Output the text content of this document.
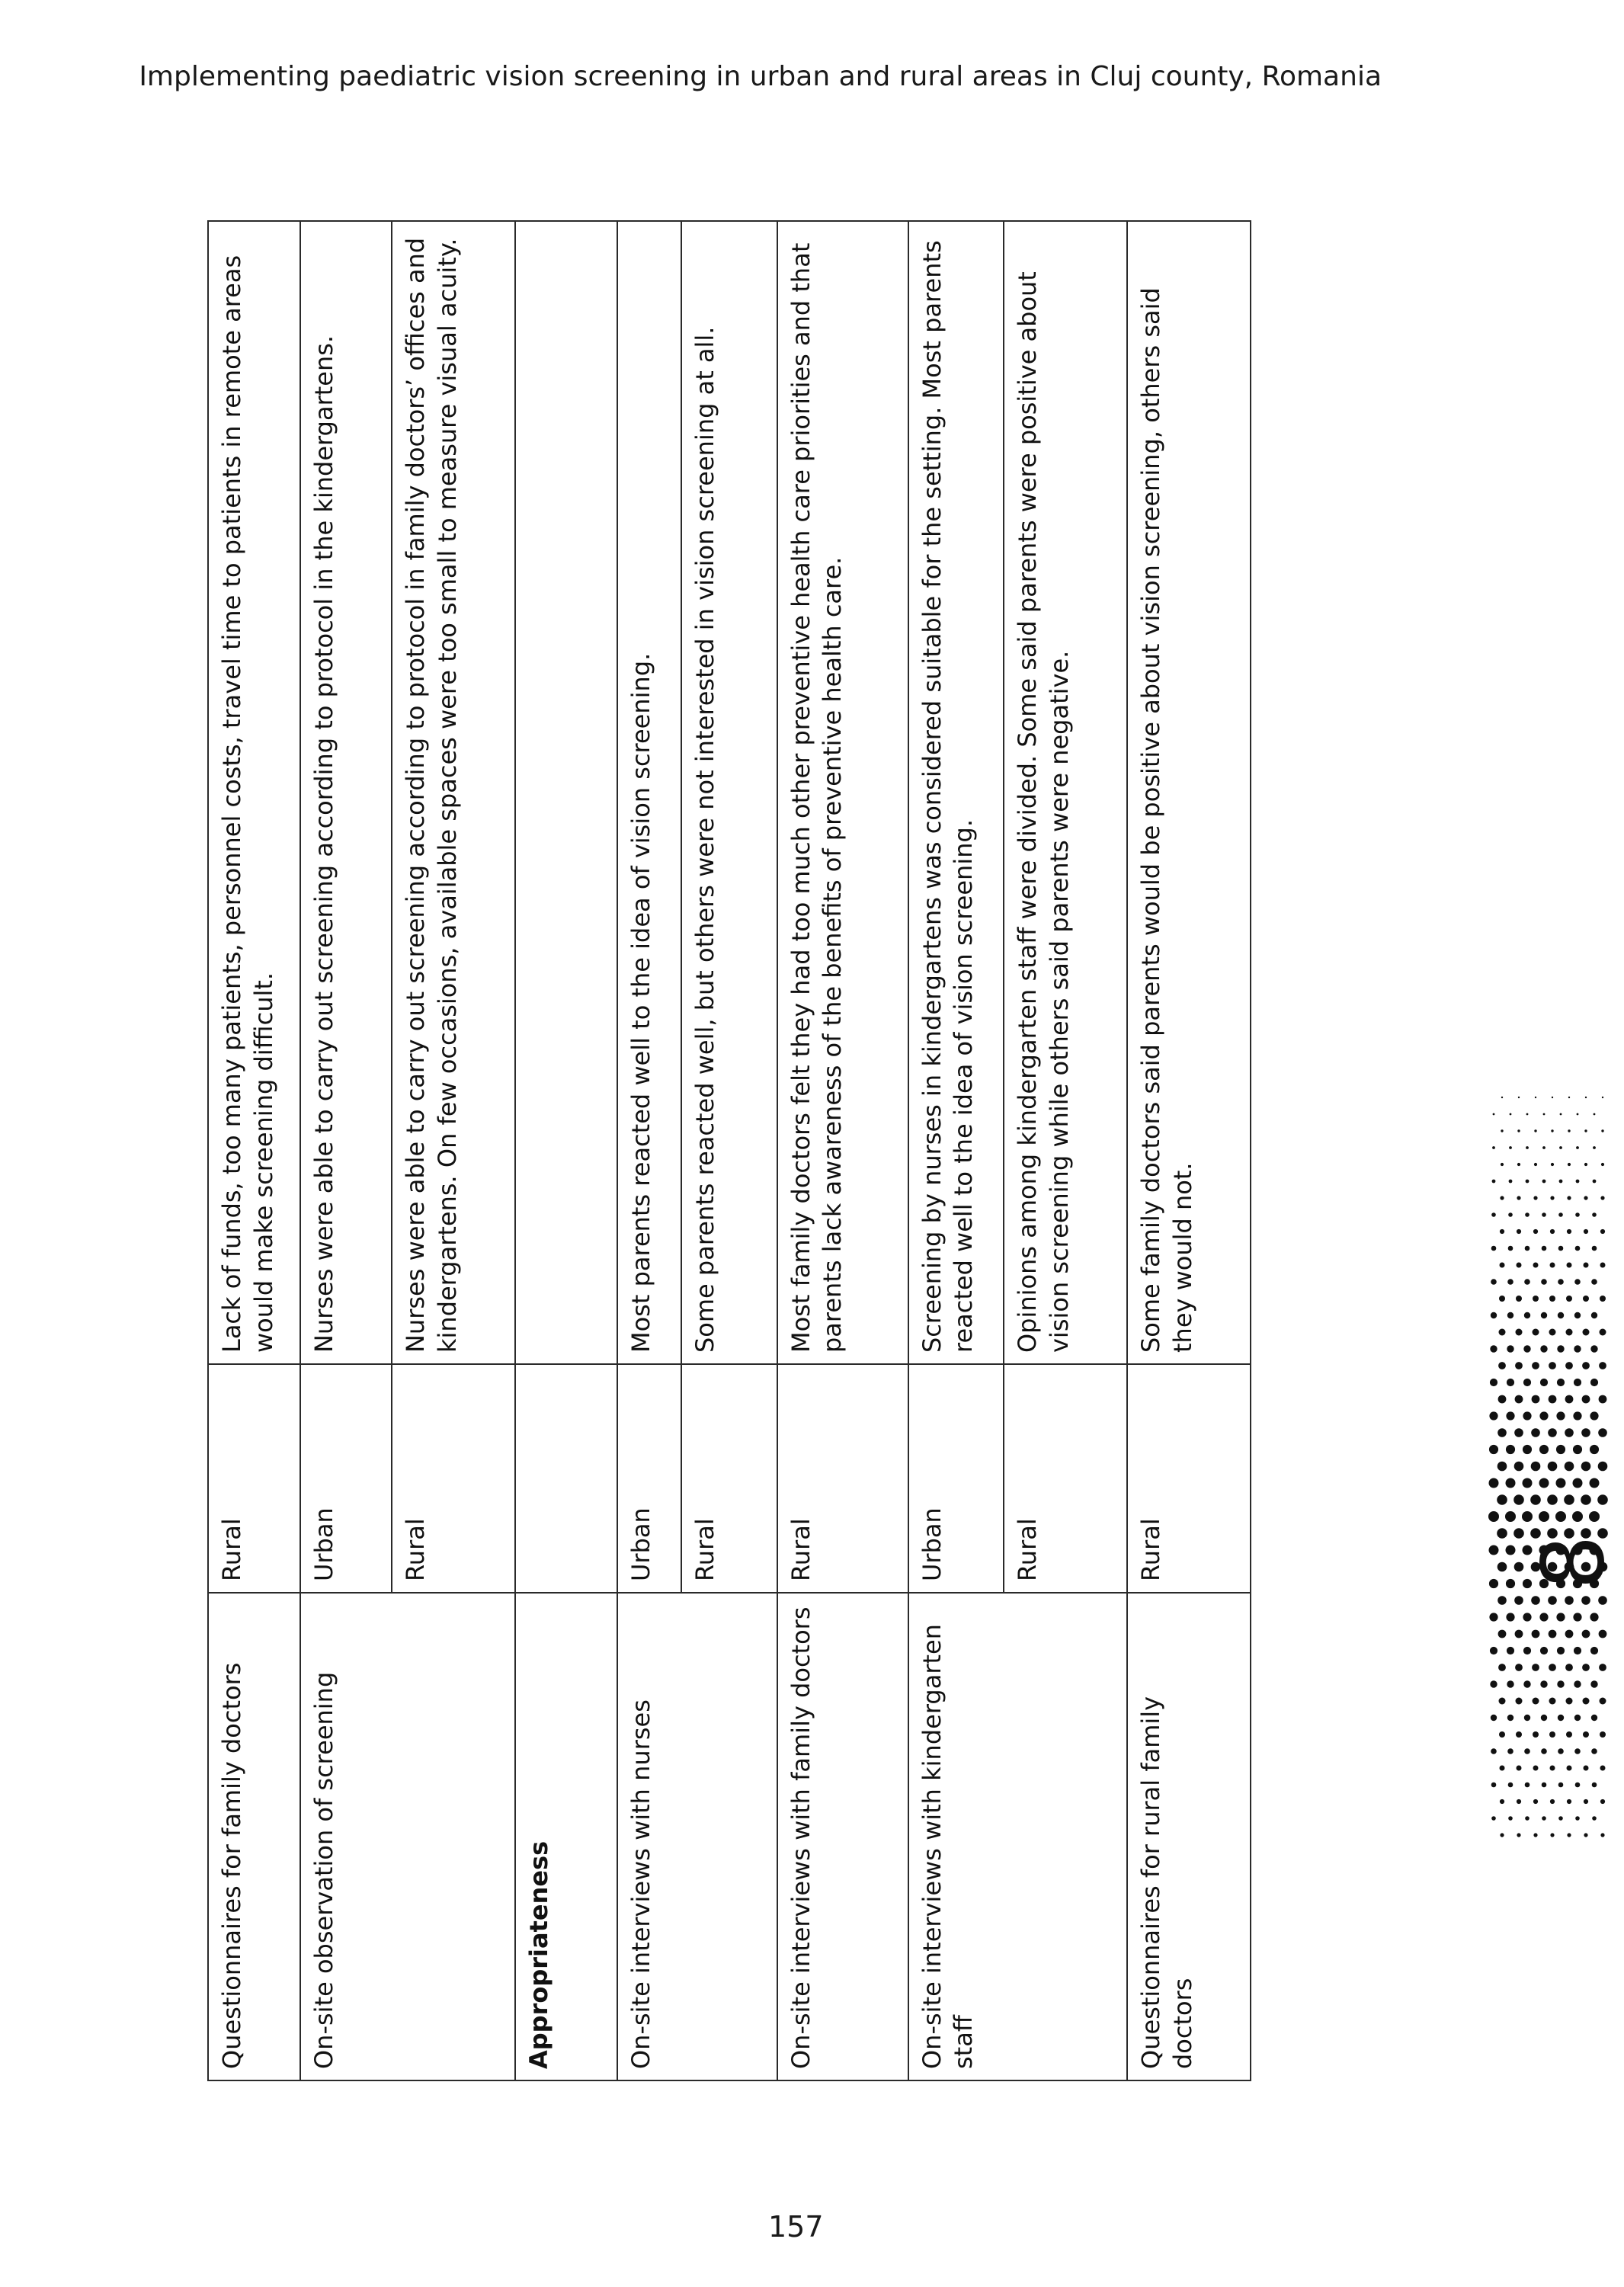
Implementing paediatric vision screening in urban and rural areas in Cluj county, Romania
Questionnaires for family doctors	Rural	Lack of funds, too many patients, personnel costs, travel time to patients in remote areas would make screening difficult.
On-site observation of screening	Urban	Nurses were able to carry out screening according to protocol in the kindergartens.
	Rural	Nurses were able to carry out screening according to protocol in family doctors’ offices and kindergartens. On few occasions, available spaces were too small to measure visual acuity.
Appropriateness		
On-site interviews with nurses	Urban	Most parents reacted well to the idea of vision screening.
	Rural	Some parents reacted well, but others were not interested in vision screening at all.
On-site interviews with family doctors	Rural	Most family doctors felt they had too much other preventive health care priorities and that parents lack awareness of the benefits of preventive health care.
On-site interviews with kindergarten staff	Urban	Screening by nurses in kindergartens was considered suitable for the setting. Most parents reacted well to the idea of vision screening.
	Rural	Opinions among kindergarten staff were divided. Some said parents were positive about vision screening while others said parents were negative.
Questionnaires for rural family doctors	Rural	Some family doctors said parents would be positive about vision screening, others said they would not.
8
157
